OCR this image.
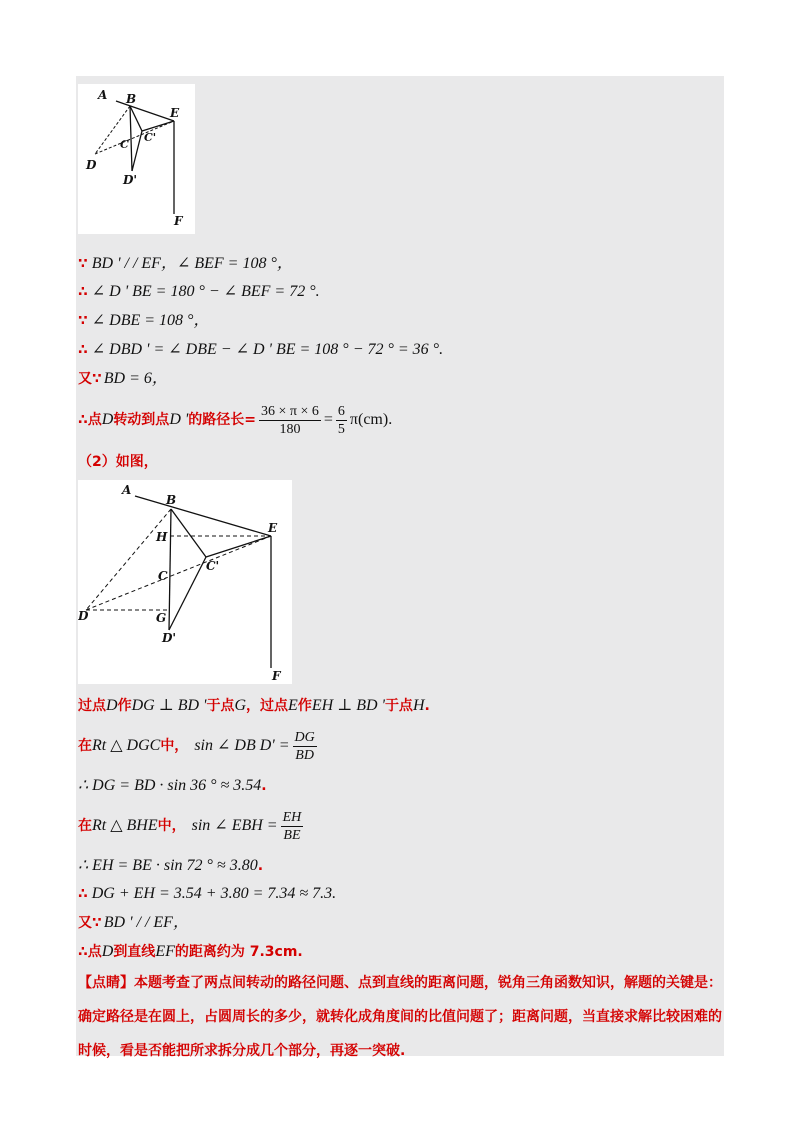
A B
E
C
C'
D
D'
F
∵ BD ' / / EF，∠ BEF = 108 °，
∴ ∠ D ' BE = 180 ° − ∠ BEF = 72 °.
∵ ∠ DBE = 108 °，
∴ ∠ DBD ' = ∠ DBE − ∠ D ' BE = 108 ° − 72 ° = 36 °.
又∵ BD = 6，
∴点 D 转动到点 D ' 的路径长= $\frac{36 \times \pi \times 6}{180} = \frac{6}{5} \pi(cm)$.
（2）如图，
A
B
E
H
C
C'
D	G
D'
F
过点 D 作 DG ⊥ BD ' 于点 G ，过点 E 作 EH ⊥ BD ' 于点 H .
在 Rt △ DGC 中， sin ∠ DB $D' = \frac{DG}{BD}$
∴ DG = BD · sin 36 ° ≈ 3.54 .
在 Rt △ BHE 中， sin ∠ EBH = $\frac{EH}{BE}$
∴ EH = BE · sin 72 ° ≈ 3.80 .
∴ DG + EH = 3.54 + 3.80 = 7.34 ≈ 7.3.
又∵ BD ' / / EF，
∴点 D 到直线 EF 的距离约为 7.3cm.
【点睛】本题考查了两点间转动的路径问题、点到直线的距离问题，锐角三角函数知识，解题的关键是：确定路径是在圆上，占圆周长的多少，就转化成角度间的比值问题了；距离问题，当直接求解比较困难的时候，看是否能把所求拆分成几个部分，再逐一突破.
